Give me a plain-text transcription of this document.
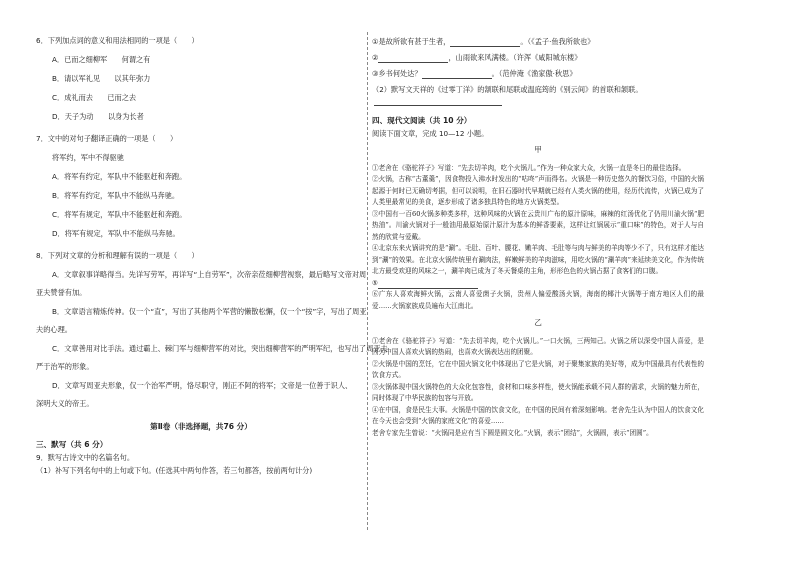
6．下列加点词的意义和用法相同的一项是（　　）

A．已而之细柳军　　何谓之有

B．请以军礼见　　以其年弥力

C．成礼而去　　已而之去

D．天子为动　　以身为长者

7．文中的对句子翻译正确的一项是（　　）

将军约，军中不得驱驰

A．将军有约定，军队中不能驱赶和奔跑。

B．将军有约定，军队中不能纵马奔驰。

C．将军有规定，军队中不能驱赶和奔跑。

D．将军有规定，军队中不能纵马奔驰。

8．下列对文章的分析和理解有误的一项是（　　）

A．文章叙事详略得当。先详写劳军，再详写“上自劳军”，次帝亲莅细柳营视察，最后略写文帝对周

亚夫赞誉有加。

B．文章语言精炼传神。仅一个“直”，写出了其他两个军营的懒散松懈，仅一个“按”字，写出了周亚

夫的心理。

C．文章善用对比手法。通过霸上、棘门军与细柳营军的对比，突出细柳营军的严明军纪，也写出了周亚夫

严于治军的形象。

D．文章写周亚夫形象，仅一个治军严明，恪尽职守，刚正不阿的将军；文帝是一位善于识人、

深明大义的帝王。

第Ⅱ卷（非选择题，共76 分）

三、默写（共 6 分）

9．默写古诗文中的名篇名句。

（1）补写下列名句中的上句或下句。(任选其中两句作答，若三句都答，按前两句计分)

①是故所欲有甚于生者，	。（《孟子·鱼我所欲也》

②	，山雨欲来风满楼。（许浑《咸阳城东楼》

③乡书何处达？	。（范仲淹《渔家傲·秋思》

（2）默写文天祥的《过零丁洋》的颔联和尾联或温庭筠的《别云间》的首联和颔联。

四、现代文阅读（共 10 分）

阅读下面文章，完成 10—12 小题。

甲

①老舍在《骆驼祥子》写道：“先去切羊肉，吃个火锅儿。”作为一种众家大众，火锅一直是冬日的最佳选择。

②火锅，古称“古董羹”，因食物投入沸水时发出的“咕咚”声而得名。火锅是一种历史悠久的餐饮习俗，中国的火锅起源于何时已无确切考据，但可以说明，在旧石器时代早期就已经有人类火锅的使用，经历代流传，火锅已成为了人类里最常见的美食，逐步形成了诸多独具特色的地方火锅类型。

③中国有一百60火锅多种类多样，这种风味的火锅在云贵川广布的原汁原味，麻辣的红汤优化了仍用川渝火锅“肥热油”。川渝火锅对于一般油用最原始原汁原汁为基本的鲜香要素，这样让红锅展示“重口味”的特色，对于人与自然的欣赏与爱戴。

④北京东来火锅讲究的是“涮”。毛肚、百叶、腰花、嫩羊肉、毛肚等与肉与鲜美的羊肉等少不了，只有这样才能达到“涮”的效果。在北京火锅传统里有涮肉法，鲜嫩鲜美的羊肉滋味，用吃火锅的“涮羊肉”来延续美文化，作为传统北方最受欢迎的风味之一，涮羊肉已成为了冬天餐桌的主角，形形色色的火锅占据了食客们的口腹。

⑤

⑥广东人喜欢海鲜火锅，云南人喜爱菌子火锅，贵州人偏爱酸汤火锅，海南的椰汁火锅等于南方地区人们的最爱……火锅家族成员遍布大江南北。

乙

①老舍在《骆驼祥子》写道：“先去切羊肉，吃个火锅儿。”一口火锅，三两知己。火锅之所以深受中国人喜爱，是因为中国人喜欢火锅的热闹，也喜欢火锅表达出的团聚。

②火锅是中国的烹饪，它在中国火锅文化中体现出了它是火锅，对于聚集家族的美好等，成为中国最具有代表性的饮食方式。

③火锅体现中国火锅特色的大众化包容性，食材和口味多样性，使火锅能承载不同人群的需求，火锅的魅力所在，同时体现了中华民族的包容与开放。

④在中国，食是民生大事。火锅是中国的饮食文化，在中国的民间有着深刻影响。老舍先生认为中国人的饮食文化在今天也会受到“火锅的家庭文化”的喜爱……

老舍专家先生曾说：“火锅同是应有当下圆是圆文化。”火锅，表示“团结”，火锅圆，表示“团圆”。
